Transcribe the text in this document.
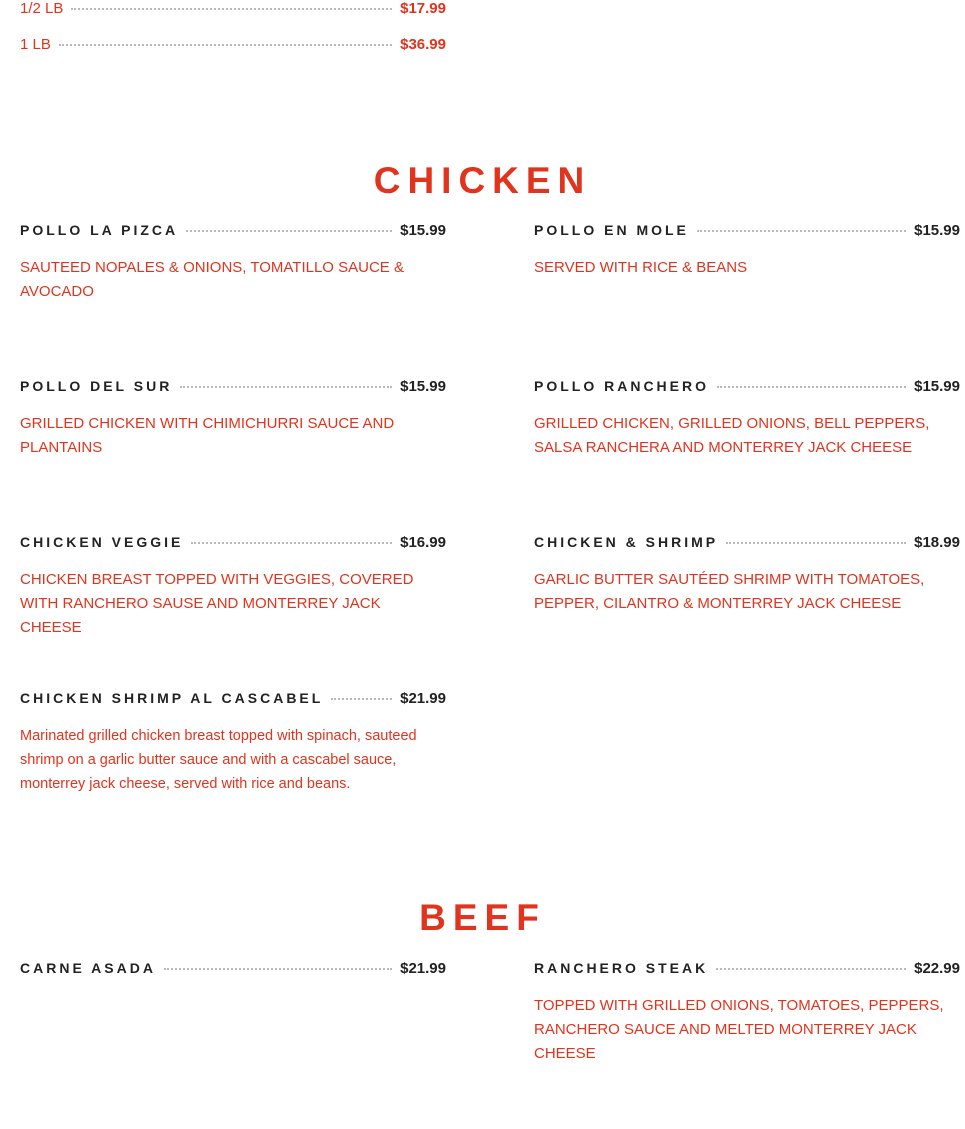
1/2 LB	$17.99
1 LB	$36.99
CHICKEN
POLLO LA PIZCA	$15.99
SAUTEED NOPALES & ONIONS, TOMATILLO SAUCE & AVOCADO
POLLO EN MOLE	$15.99
SERVED WITH RICE & BEANS
POLLO DEL SUR	$15.99
GRILLED CHICKEN WITH CHIMICHURRI SAUCE AND PLANTAINS
POLLO RANCHERO	$15.99
GRILLED CHICKEN, GRILLED ONIONS, BELL PEPPERS, SALSA RANCHERA AND MONTERREY JACK CHEESE
CHICKEN VEGGIE	$16.99
CHICKEN BREAST TOPPED WITH VEGGIES, COVERED WITH RANCHERO SAUSE AND MONTERREY JACK CHEESE
CHICKEN & SHRIMP	$18.99
GARLIC BUTTER SAUTÉED SHRIMP WITH TOMATOES, PEPPER, CILANTRO & MONTERREY JACK CHEESE
CHICKEN SHRIMP AL CASCABEL	$21.99
Marinated grilled chicken breast topped with spinach, sauteed shrimp on a garlic butter sauce and with a cascabel sauce, monterrey jack cheese, served with rice and beans.
BEEF
CARNE ASADA	$21.99	RANCHERO STEAK	$22.99
TOPPED WITH GRILLED ONIONS, TOMATOES, PEPPERS, RANCHERO SAUCE AND MELTED MONTERREY JACK CHEESE
